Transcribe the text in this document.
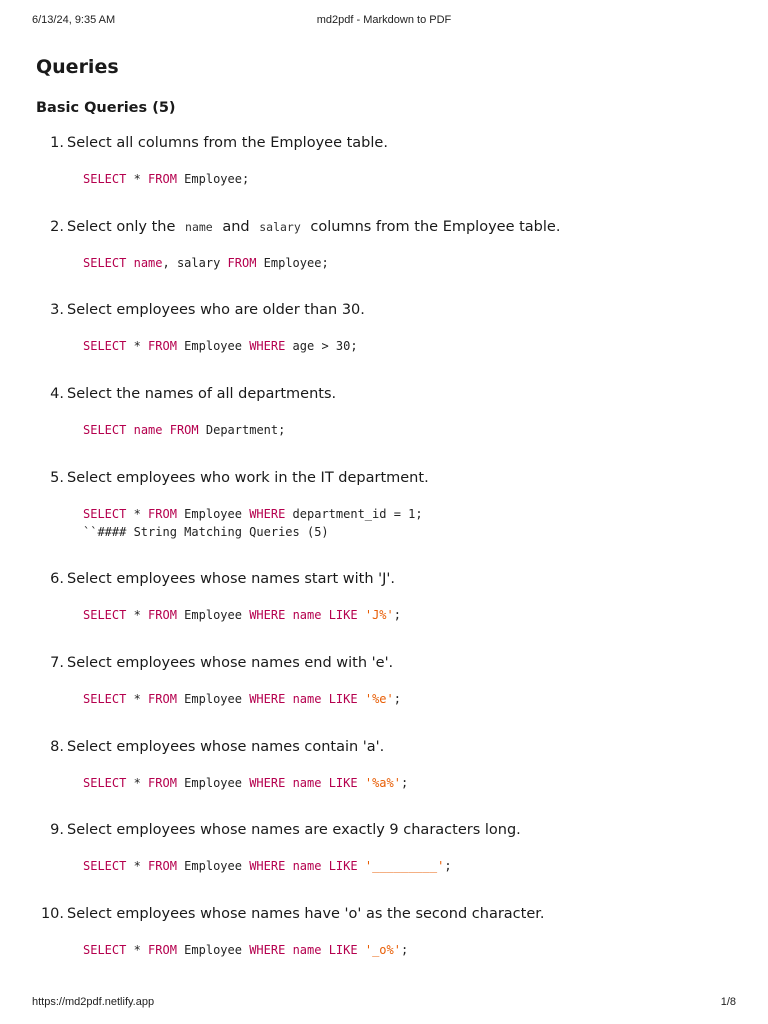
6/13/24, 9:35 AM	md2pdf - Markdown to PDF
Queries
Basic Queries (5)
1. Select all columns from the Employee table.
SELECT * FROM Employee;
2. Select only the name and salary columns from the Employee table.
SELECT name, salary FROM Employee;
3. Select employees who are older than 30.
SELECT * FROM Employee WHERE age > 30;
4. Select the names of all departments.
SELECT name FROM Department;
5. Select employees who work in the IT department.
SELECT * FROM Employee WHERE department_id = 1;
``#### String Matching Queries (5)
6. Select employees whose names start with 'J'.
SELECT * FROM Employee WHERE name LIKE 'J%';
7. Select employees whose names end with 'e'.
SELECT * FROM Employee WHERE name LIKE '%e';
8. Select employees whose names contain 'a'.
SELECT * FROM Employee WHERE name LIKE '%a%';
9. Select employees whose names are exactly 9 characters long.
SELECT * FROM Employee WHERE name LIKE '_________';
10. Select employees whose names have 'o' as the second character.
SELECT * FROM Employee WHERE name LIKE '_o%';
https://md2pdf.netlify.app	1/8
